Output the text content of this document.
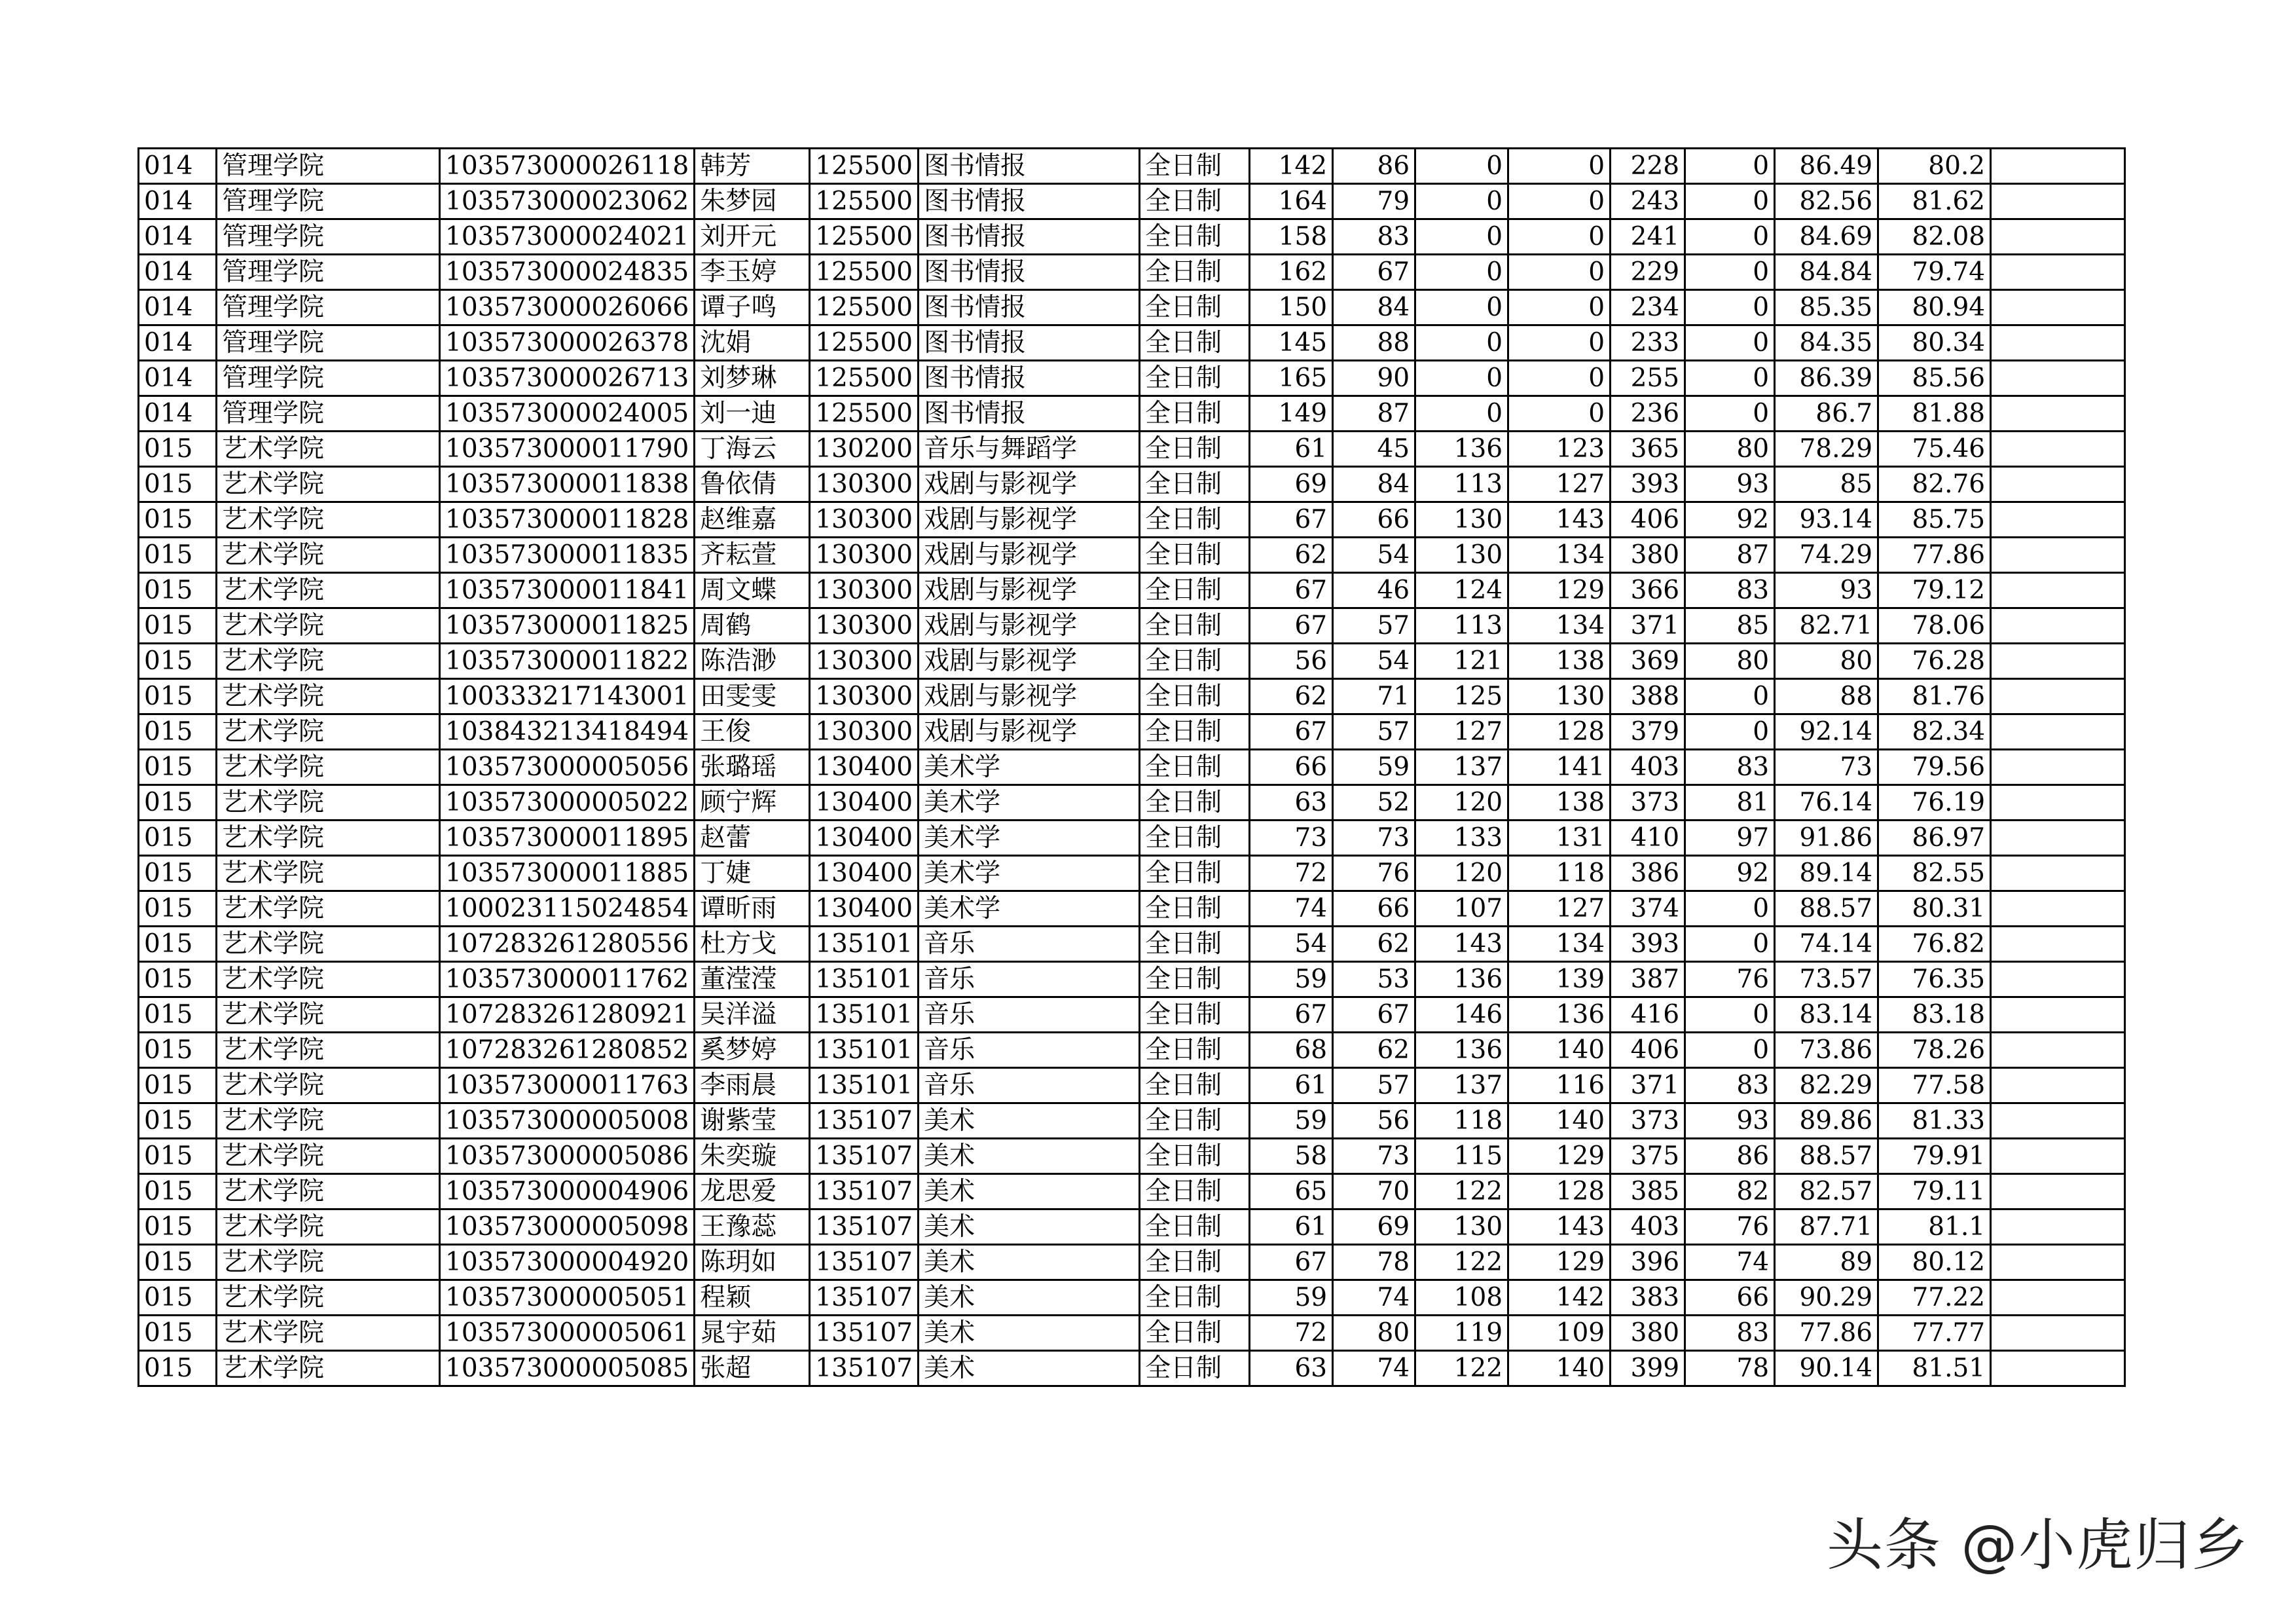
014	管理学院	103573000026118	韩芳	125500	图书情报	全日制	142	86	0	0	228	0	86.49	80.2	
014	管理学院	103573000023062	朱梦园	125500	图书情报	全日制	164	79	0	0	243	0	82.56	81.62	
014	管理学院	103573000024021	刘开元	125500	图书情报	全日制	158	83	0	0	241	0	84.69	82.08	
014	管理学院	103573000024835	李玉婷	125500	图书情报	全日制	162	67	0	0	229	0	84.84	79.74	
014	管理学院	103573000026066	谭子鸣	125500	图书情报	全日制	150	84	0	0	234	0	85.35	80.94	
014	管理学院	103573000026378	沈娟	125500	图书情报	全日制	145	88	0	0	233	0	84.35	80.34	
014	管理学院	103573000026713	刘梦琳	125500	图书情报	全日制	165	90	0	0	255	0	86.39	85.56	
014	管理学院	103573000024005	刘一迪	125500	图书情报	全日制	149	87	0	0	236	0	86.7	81.88	
015	艺术学院	103573000011790	丁海云	130200	音乐与舞蹈学	全日制	61	45	136	123	365	80	78.29	75.46	
015	艺术学院	103573000011838	鲁依倩	130300	戏剧与影视学	全日制	69	84	113	127	393	93	85	82.76	
015	艺术学院	103573000011828	赵维嘉	130300	戏剧与影视学	全日制	67	66	130	143	406	92	93.14	85.75	
015	艺术学院	103573000011835	齐耘萱	130300	戏剧与影视学	全日制	62	54	130	134	380	87	74.29	77.86	
015	艺术学院	103573000011841	周文蝶	130300	戏剧与影视学	全日制	67	46	124	129	366	83	93	79.12	
015	艺术学院	103573000011825	周鹤	130300	戏剧与影视学	全日制	67	57	113	134	371	85	82.71	78.06	
015	艺术学院	103573000011822	陈浩渺	130300	戏剧与影视学	全日制	56	54	121	138	369	80	80	76.28	
015	艺术学院	100333217143001	田雯雯	130300	戏剧与影视学	全日制	62	71	125	130	388	0	88	81.76	
015	艺术学院	103843213418494	王俊	130300	戏剧与影视学	全日制	67	57	127	128	379	0	92.14	82.34	
015	艺术学院	103573000005056	张璐瑶	130400	美术学	全日制	66	59	137	141	403	83	73	79.56	
015	艺术学院	103573000005022	顾宁辉	130400	美术学	全日制	63	52	120	138	373	81	76.14	76.19	
015	艺术学院	103573000011895	赵蕾	130400	美术学	全日制	73	73	133	131	410	97	91.86	86.97	
015	艺术学院	103573000011885	丁婕	130400	美术学	全日制	72	76	120	118	386	92	89.14	82.55	
015	艺术学院	100023115024854	谭昕雨	130400	美术学	全日制	74	66	107	127	374	0	88.57	80.31	
015	艺术学院	107283261280556	杜方戈	135101	音乐	全日制	54	62	143	134	393	0	74.14	76.82	
015	艺术学院	103573000011762	董滢滢	135101	音乐	全日制	59	53	136	139	387	76	73.57	76.35	
015	艺术学院	107283261280921	吴洋溢	135101	音乐	全日制	67	67	146	136	416	0	83.14	83.18	
015	艺术学院	107283261280852	奚梦婷	135101	音乐	全日制	68	62	136	140	406	0	73.86	78.26	
015	艺术学院	103573000011763	李雨晨	135101	音乐	全日制	61	57	137	116	371	83	82.29	77.58	
015	艺术学院	103573000005008	谢紫莹	135107	美术	全日制	59	56	118	140	373	93	89.86	81.33	
015	艺术学院	103573000005086	朱奕璇	135107	美术	全日制	58	73	115	129	375	86	88.57	79.91	
015	艺术学院	103573000004906	龙思爱	135107	美术	全日制	65	70	122	128	385	82	82.57	79.11	
015	艺术学院	103573000005098	王豫蕊	135107	美术	全日制	61	69	130	143	403	76	87.71	81.1	
015	艺术学院	103573000004920	陈玥如	135107	美术	全日制	67	78	122	129	396	74	89	80.12	
015	艺术学院	103573000005051	程颖	135107	美术	全日制	59	74	108	142	383	66	90.29	77.22	
015	艺术学院	103573000005061	晁宇茹	135107	美术	全日制	72	80	119	109	380	83	77.86	77.77	
015	艺术学院	103573000005085	张超	135107	美术	全日制	63	74	122	140	399	78	90.14	81.51	
头条 @小虎归乡
